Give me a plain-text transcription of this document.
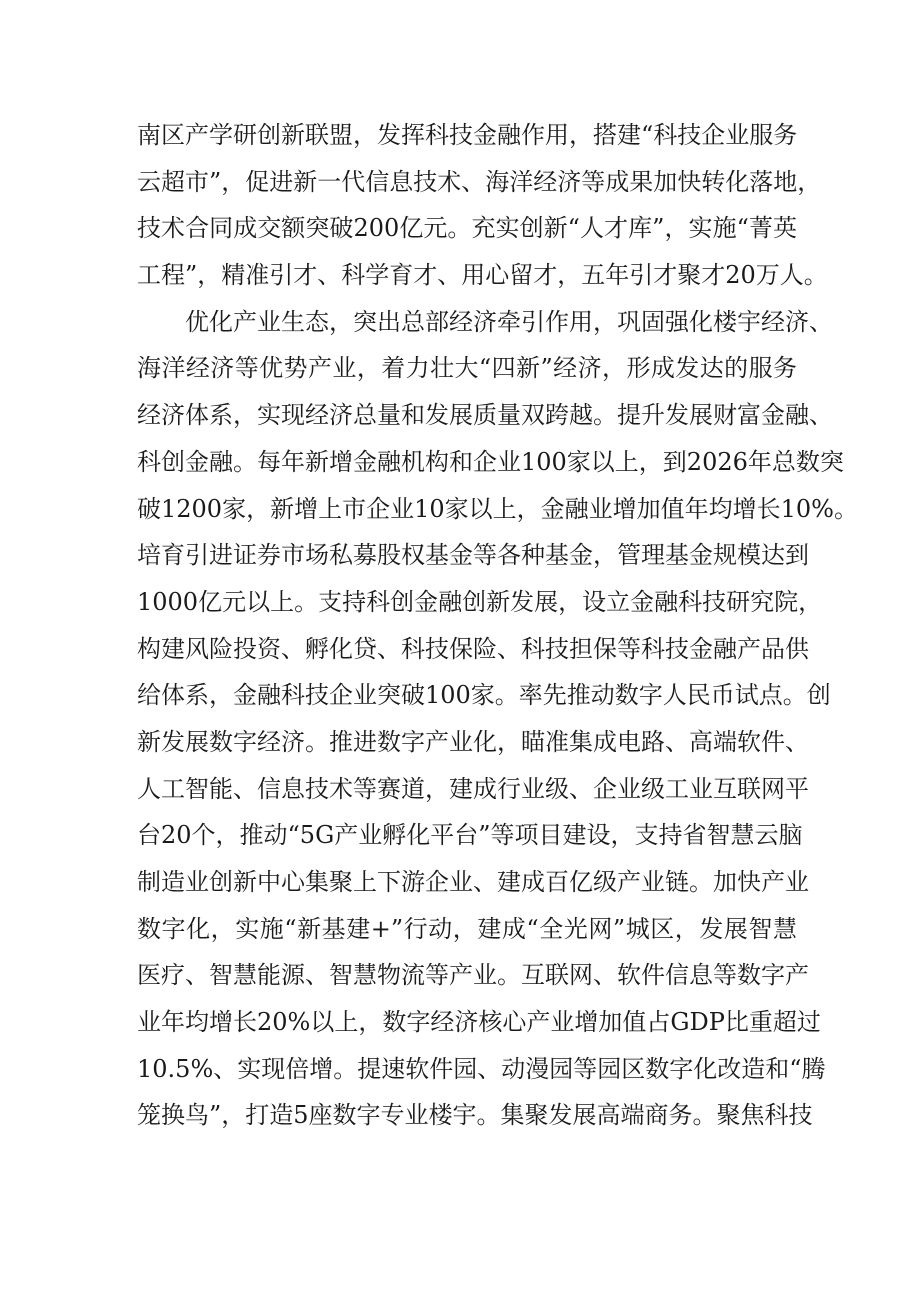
南区产学研创新联盟，发挥科技金融作用，搭建“科技企业服务
云超市”，促进新一代信息技术、海洋经济等成果加快转化落地，
技术合同成交额突破200亿元。充实创新“人才库”，实施“菁英
工程”，精准引才、科学育才、用心留才，五年引才聚才20万人。
优化产业生态，突出总部经济牵引作用，巩固强化楼宇经济、
海洋经济等优势产业，着力壮大“四新”经济，形成发达的服务
经济体系，实现经济总量和发展质量双跨越。提升发展财富金融、
科创金融。每年新增金融机构和企业100家以上，到2026年总数突
破1200家，新增上市企业10家以上，金融业增加值年均增长10%。
培育引进证券市场私募股权基金等各种基金，管理基金规模达到
1000亿元以上。支持科创金融创新发展，设立金融科技研究院，
构建风险投资、孵化贷、科技保险、科技担保等科技金融产品供
给体系，金融科技企业突破100家。率先推动数字人民币试点。创
新发展数字经济。推进数字产业化，瞄准集成电路、高端软件、
人工智能、信息技术等赛道，建成行业级、企业级工业互联网平
台20个，推动“5G产业孵化平台”等项目建设，支持省智慧云脑
制造业创新中心集聚上下游企业、建成百亿级产业链。加快产业
数字化，实施“新基建+”行动，建成“全光网”城区，发展智慧
医疗、智慧能源、智慧物流等产业。互联网、软件信息等数字产
业年均增长20%以上，数字经济核心产业增加值占GDP比重超过
10.5%、实现倍增。提速软件园、动漫园等园区数字化改造和“腾
笼换鸟”，打造5座数字专业楼宇。集聚发展高端商务。聚焦科技
